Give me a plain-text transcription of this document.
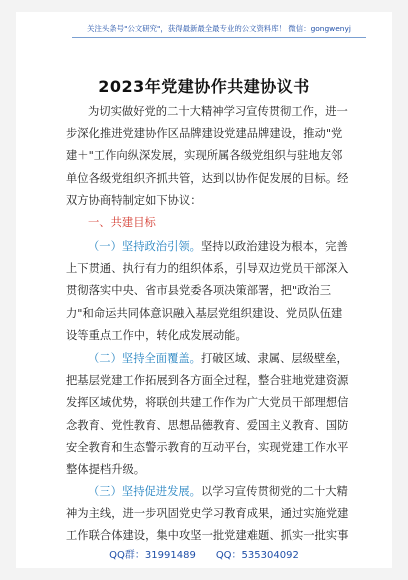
关注头条号"公文研究"，获得最新最全最专业的公文资料库！ 微信：gongwenyj
2023年党建协作共建协议书
为切实做好党的二十大精神学习宣传贯彻工作，进一
步深化推进党建协作区品牌建设党建品牌建设，推动"党
建＋"工作向纵深发展，实现所属各级党组织与驻地友邻
单位各级党组织齐抓共管，达到以协作促发展的目标。经
双方协商特制定如下协议：
一、共建目标
（一）坚持政治引领。坚持以政治建设为根本，完善
上下贯通、执行有力的组织体系，引导双边党员干部深入
贯彻落实中央、省市县党委各项决策部署，把"政治三
力"和命运共同体意识融入基层党组织建设、党员队伍建
设等重点工作中，转化成发展动能。
（二）坚持全面覆盖。打破区域、隶属、层级壁垒，
把基层党建工作拓展到各方面全过程，整合驻地党建资源
发挥区域优势，将联创共建工作作为广大党员干部理想信
念教育、党性教育、思想品德教育、爱国主义教育、国防
安全教育和生态警示教育的互动平台，实现党建工作水平
整体提档升级。
（三）坚持促进发展。以学习宣传贯彻党的二十大精
神为主线，进一步巩固党史学习教育成果，通过实施党建
工作联合体建设，集中攻坚一批党建难题、抓实一批实事
QQ群：31991489 QQ：535304092
